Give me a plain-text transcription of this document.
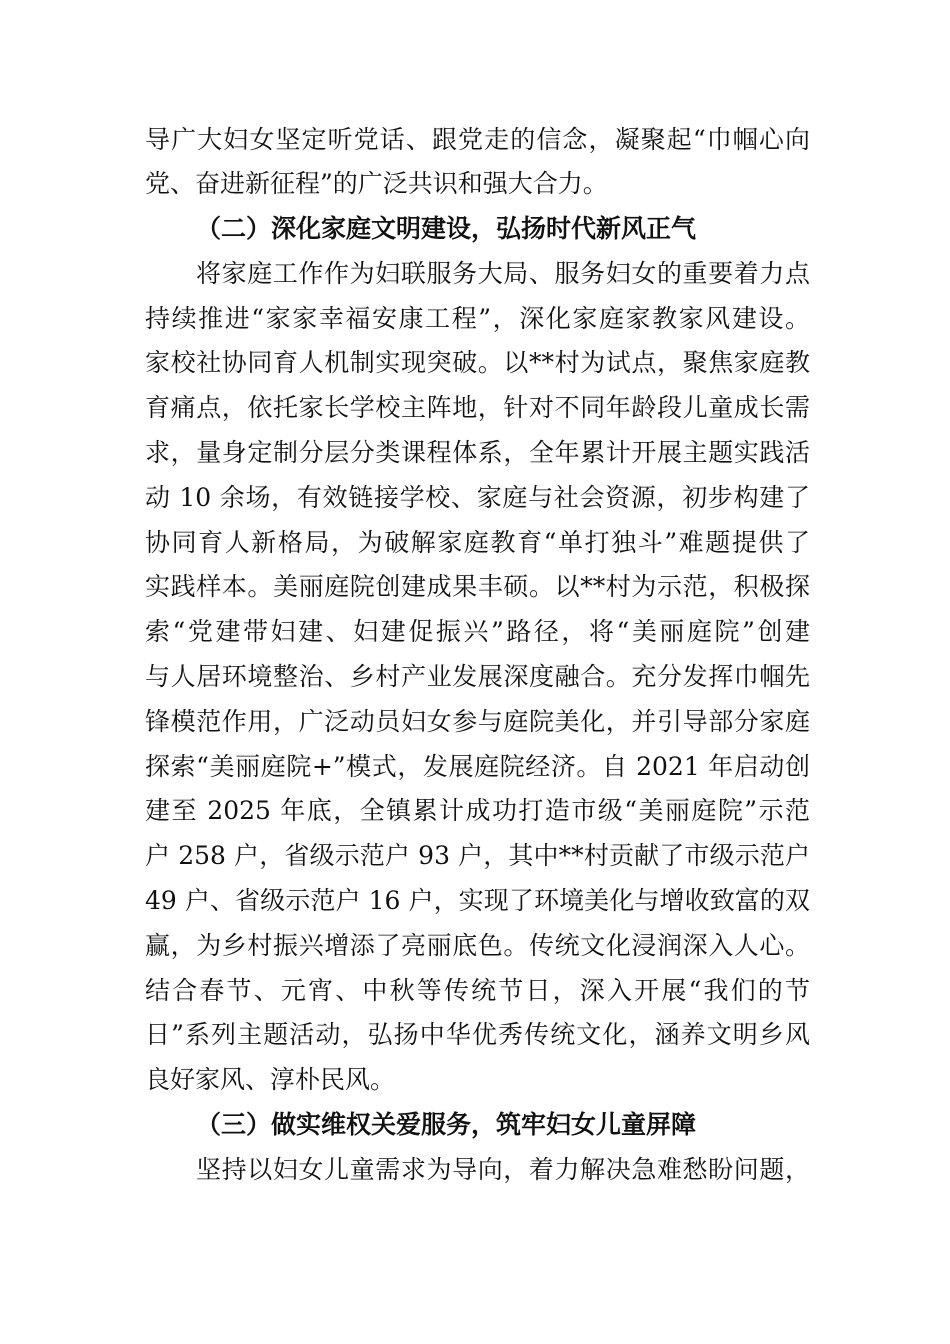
导广大妇女坚定听党话、跟党走的信念，凝聚起“巾帼心向
党、奋进新征程”的广泛共识和强大合力。
（二）深化家庭文明建设，弘扬时代新风正气
将家庭工作作为妇联服务大局、服务妇女的重要着力点
持续推进“家家幸福安康工程”，深化家庭家教家风建设。
家校社协同育人机制实现突破。以**村为试点，聚焦家庭教
育痛点，依托家长学校主阵地，针对不同年龄段儿童成长需
求，量身定制分层分类课程体系，全年累计开展主题实践活
动 10 余场，有效链接学校、家庭与社会资源，初步构建了
协同育人新格局，为破解家庭教育“单打独斗”难题提供了
实践样本。美丽庭院创建成果丰硕。以**村为示范，积极探
索“党建带妇建、妇建促振兴”路径，将“美丽庭院”创建
与人居环境整治、乡村产业发展深度融合。充分发挥巾帼先
锋模范作用，广泛动员妇女参与庭院美化，并引导部分家庭
探索“美丽庭院+”模式，发展庭院经济。自 2021 年启动创
建至 2025 年底，全镇累计成功打造市级“美丽庭院”示范
户 258 户，省级示范户 93 户，其中**村贡献了市级示范户
49 户、省级示范户 16 户，实现了环境美化与增收致富的双
赢，为乡村振兴增添了亮丽底色。传统文化浸润深入人心。
结合春节、元宵、中秋等传统节日，深入开展“我们的节
日”系列主题活动，弘扬中华优秀传统文化，涵养文明乡风
良好家风、淳朴民风。
（三）做实维权关爱服务，筑牢妇女儿童屏障
坚持以妇女儿童需求为导向，着力解决急难愁盼问题，
